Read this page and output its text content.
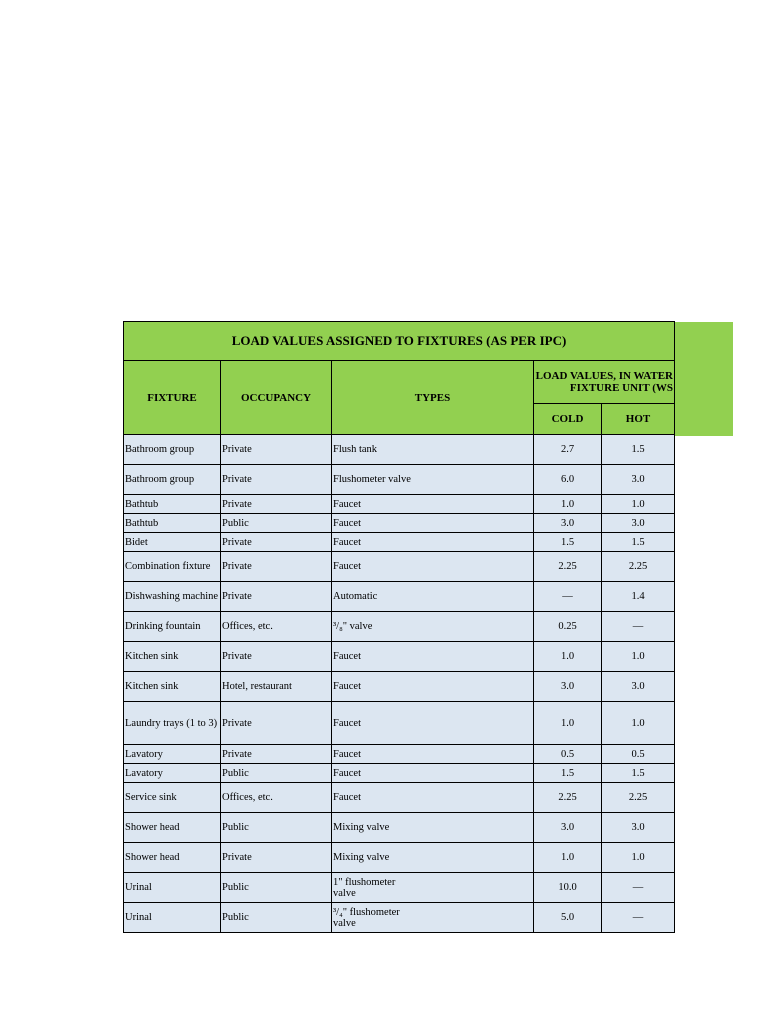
LOAD VALUES ASSIGNED TO FIXTURES (AS PER IPC)				
FIXTURE	OCCUPANCY	TYPES	LOAD VALUES, IN WATER
FIXTURE UNIT (WS	

			COLD	HOT
Bathroom group	Private	Flush tank	2.7	1.5
Bathroom group	Private	Flushometer valve	6.0	3.0
Bathtub	Private	Faucet	1.0	1.0
Bathtub	Public	Faucet	3.0	3.0
Bidet	Private	Faucet	1.5	1.5
Combination fixture	Private	Faucet	2.25	2.25
Dishwashing machine	Private	Automatic	—	1.4
Drinking fountain	Offices, etc.	³/₈" valve	0.25	—
Kitchen sink	Private	Faucet	1.0	1.0
Kitchen sink	Hotel, restaurant	Faucet	3.0	3.0
Laundry trays (1 to 3)	Private	Faucet	1.0	1.0
Lavatory	Private	Faucet	0.5	0.5
Lavatory	Public	Faucet	1.5	1.5
Service sink	Offices, etc.	Faucet	2.25	2.25
Shower head	Public	Mixing valve	3.0	3.0
Shower head	Private	Mixing valve	1.0	1.0
Urinal	Public	1" flushometer valve	10.0	—
Urinal	Public	³/₄" flushometer valve	5.0	—
